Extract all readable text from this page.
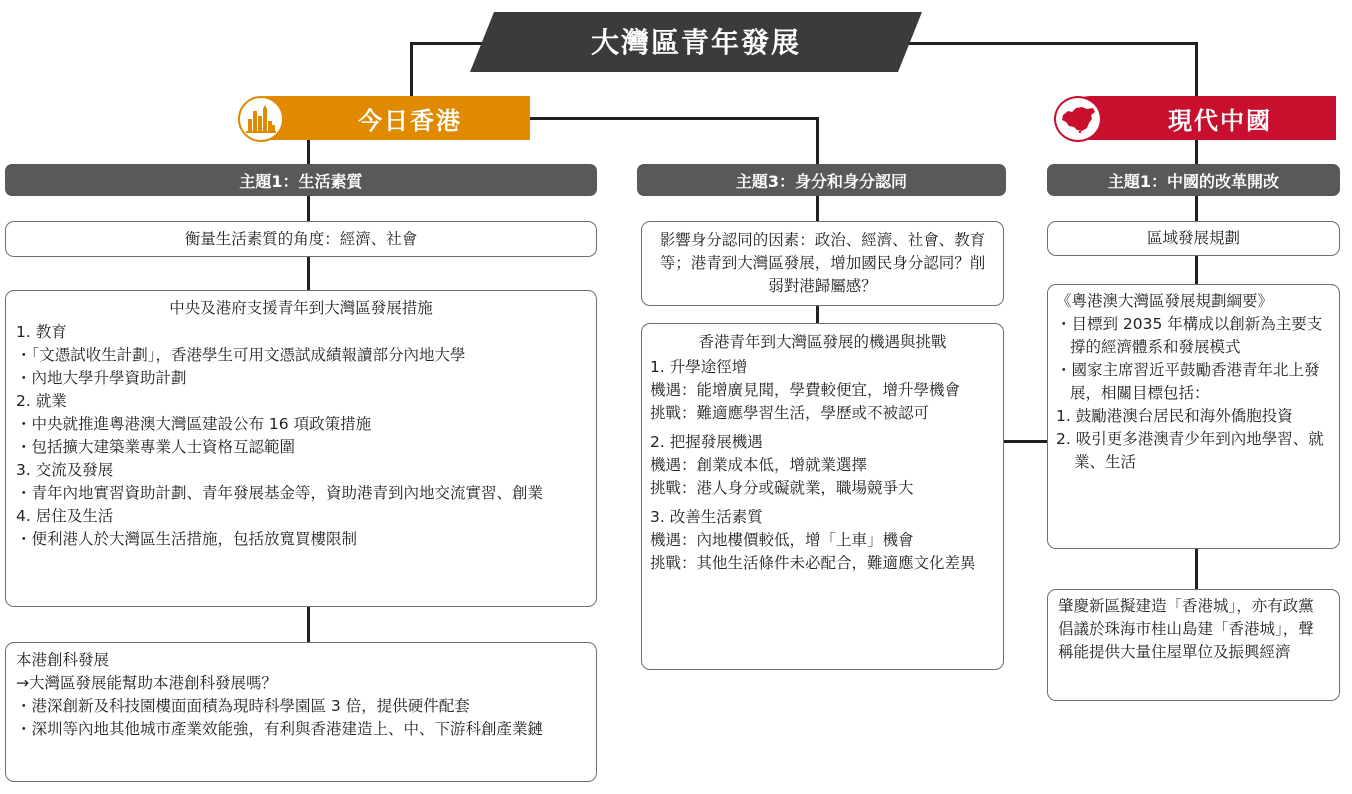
大灣區青年發展
今日香港	現代中國
主題1：生活素質	主題3：身分和身分認同	主題1：中國的改革開改
衡量生活素質的角度：經濟、社會

中央及港府支援青年到大灣區發展措施

1. 教育

・「文憑試收生計劃」，香港學生可用文憑試成績報讀部分內地大學

・內地大學升學資助計劃

2. 就業

・中央就推進粵港澳大灣區建設公布 16 項政策措施

・包括擴大建築業專業人士資格互認範圍

3. 交流及發展

・青年內地實習資助計劃、青年發展基金等，資助港青到內地交流實習、創業

4. 居住及生活

・便利港人於大灣區生活措施，包括放寬買樓限制

本港創科發展

→大灣區發展能幫助本港創科發展嗎？

・港深創新及科技園樓面面積為現時科學園區 3 倍，提供硬件配套

・深圳等內地其他城市產業效能強，有利與香港建造上、中、下游科創產業鏈

影響身分認同的因素：政治、經濟、社會、教育等；港青到大灣區發展，增加國民身分認同？削弱對港歸屬感？

香港青年到大灣區發展的機遇與挑戰

1. 升學途徑增

機遇： 能增廣見聞，學費較便宜，增升學機會
挑戰： 難適應學習生活，學歷或不被認可

2. 把握發展機遇

機遇： 創業成本低，增就業選擇
挑戰： 港人身分或礙就業，職場競爭大

3. 改善生活素質

機遇： 內地樓價較低，增「上車」機會
挑戰： 其他生活條件未必配合，難適應文化差異
區域發展規劃

《粵港澳大灣區發展規劃綱要》

・目標到 2035 年構成以創新為主要支撐的經濟體系和發展模式

・國家主席習近平鼓勵香港青年北上發展，相關目標包括：

1. 鼓勵港澳台居民和海外僑胞投資

2. 吸引更多港澳青少年到內地學習、就業、生活

肇慶新區擬建造「香港城」，亦有政黨倡議於珠海市桂山島建「香港城」，聲稱能提供大量住屋單位及振興經濟
